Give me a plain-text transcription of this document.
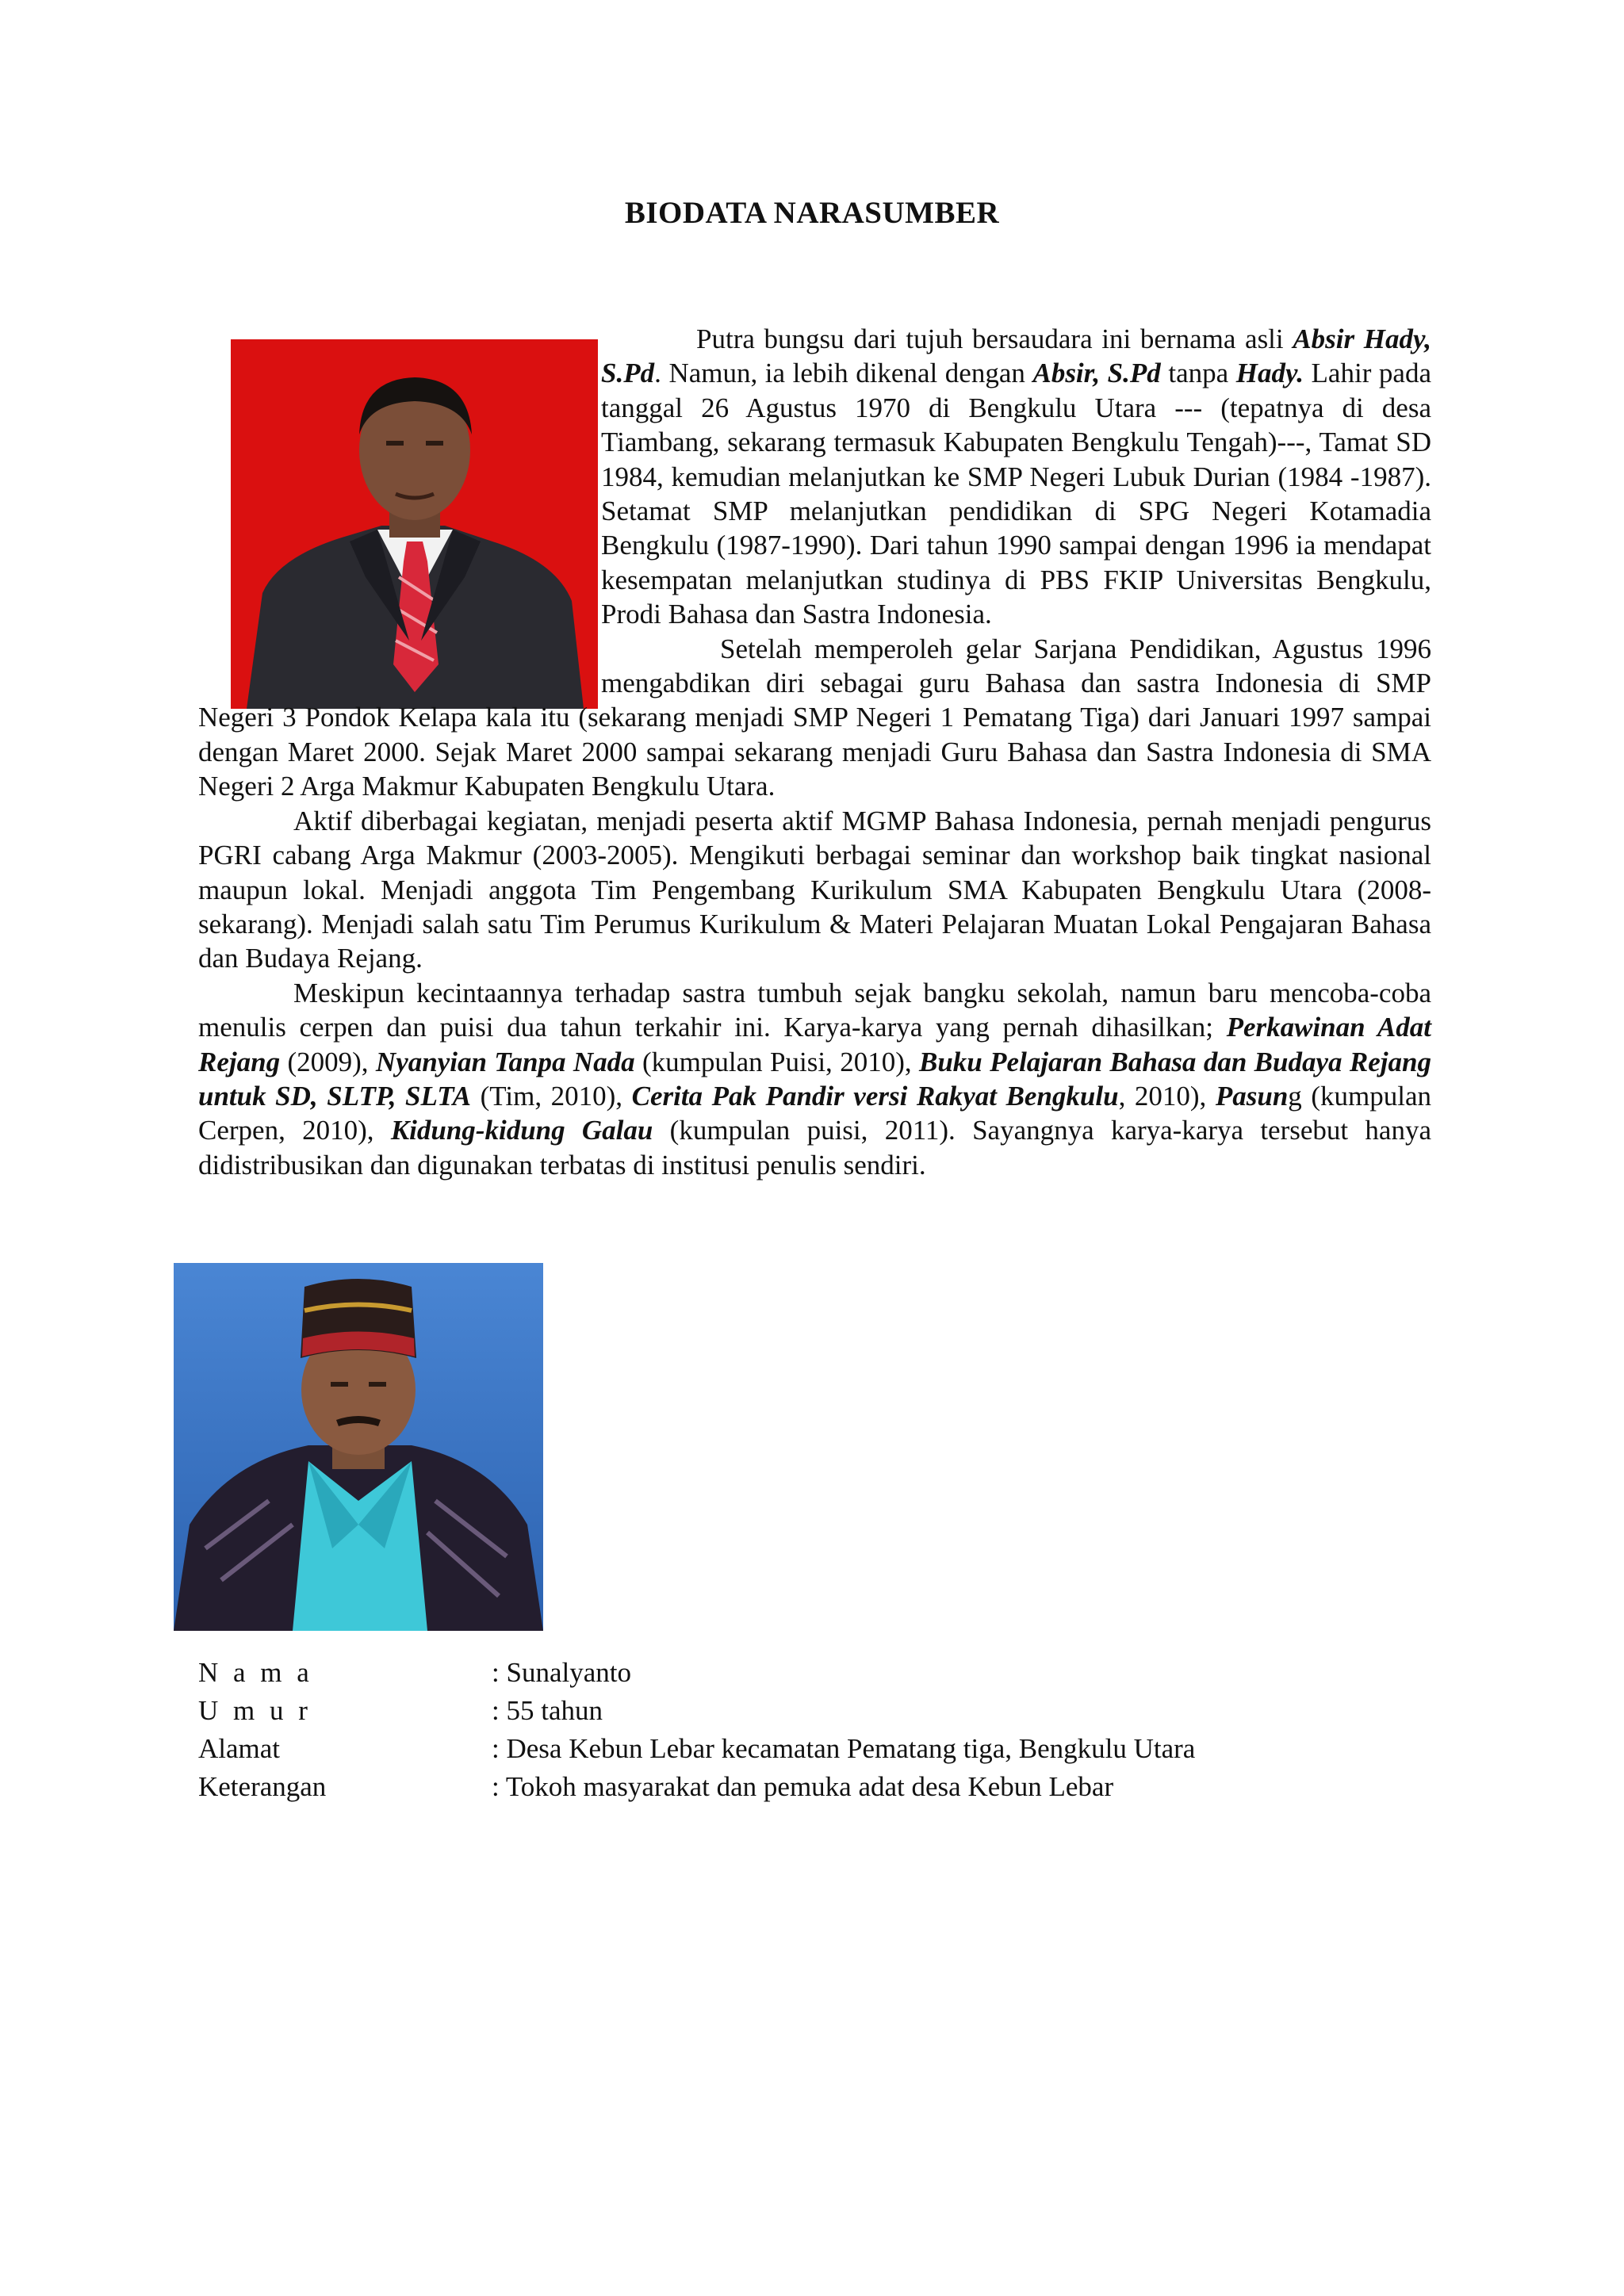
BIODATA NARASUMBER

Putra bungsu dari tujuh bersaudara ini bernama asli Absir Hady, S.Pd. Namun, ia lebih dikenal dengan Absir, S.Pd tanpa Hady. Lahir pada tanggal 26 Agustus 1970 di Bengkulu Utara --- (tepatnya di desa Tiambang, sekarang termasuk Kabupaten Bengkulu Tengah)---, Tamat SD 1984, kemudian melanjutkan ke SMP Negeri Lubuk Durian (1984 -1987). Setamat SMP melanjutkan pendidikan di SPG Negeri Kotamadia Bengkulu (1987-1990). Dari tahun 1990 sampai dengan 1996 ia mendapat kesempatan melanjutkan studinya di PBS FKIP Universitas Bengkulu, Prodi Bahasa dan Sastra Indonesia.

Setelah memperoleh gelar Sarjana Pendidikan, Agustus 1996 mengabdikan diri sebagai guru Bahasa dan sastra Indonesia di SMP Negeri 3 Pondok Kelapa kala itu (sekarang menjadi SMP Negeri 1 Pematang Tiga) dari Januari 1997 sampai dengan Maret 2000. Sejak Maret 2000 sampai sekarang menjadi Guru Bahasa dan Sastra Indonesia di SMA Negeri 2 Arga Makmur Kabupaten Bengkulu Utara.

Aktif diberbagai kegiatan, menjadi peserta aktif MGMP Bahasa Indonesia, pernah menjadi pengurus PGRI cabang Arga Makmur (2003-2005). Mengikuti berbagai seminar dan workshop baik tingkat nasional maupun lokal. Menjadi anggota Tim Pengembang Kurikulum SMA Kabupaten Bengkulu Utara (2008-sekarang). Menjadi salah satu Tim Perumus Kurikulum & Materi Pelajaran Muatan Lokal Pengajaran Bahasa dan Budaya Rejang.

Meskipun kecintaannya terhadap sastra tumbuh sejak bangku sekolah, namun baru mencoba-coba menulis cerpen dan puisi dua tahun terkahir ini. Karya-karya yang pernah dihasilkan; Perkawinan Adat Rejang (2009), Nyanyian Tanpa Nada (kumpulan Puisi, 2010), Buku Pelajaran Bahasa dan Budaya Rejang untuk SD, SLTP, SLTA (Tim, 2010), Cerita Pak Pandir versi Rakyat Bengkulu, 2010), Pasung (kumpulan Cerpen, 2010), Kidung-kidung Galau (kumpulan puisi, 2011). Sayangnya karya-karya tersebut hanya didistribusikan dan digunakan terbatas di institusi penulis sendiri.

N a m a	: Sunalyanto
U m u r	: 55 tahun
Alamat	: Desa Kebun Lebar kecamatan Pematang tiga, Bengkulu Utara
Keterangan	: Tokoh masyarakat dan pemuka adat desa Kebun Lebar
